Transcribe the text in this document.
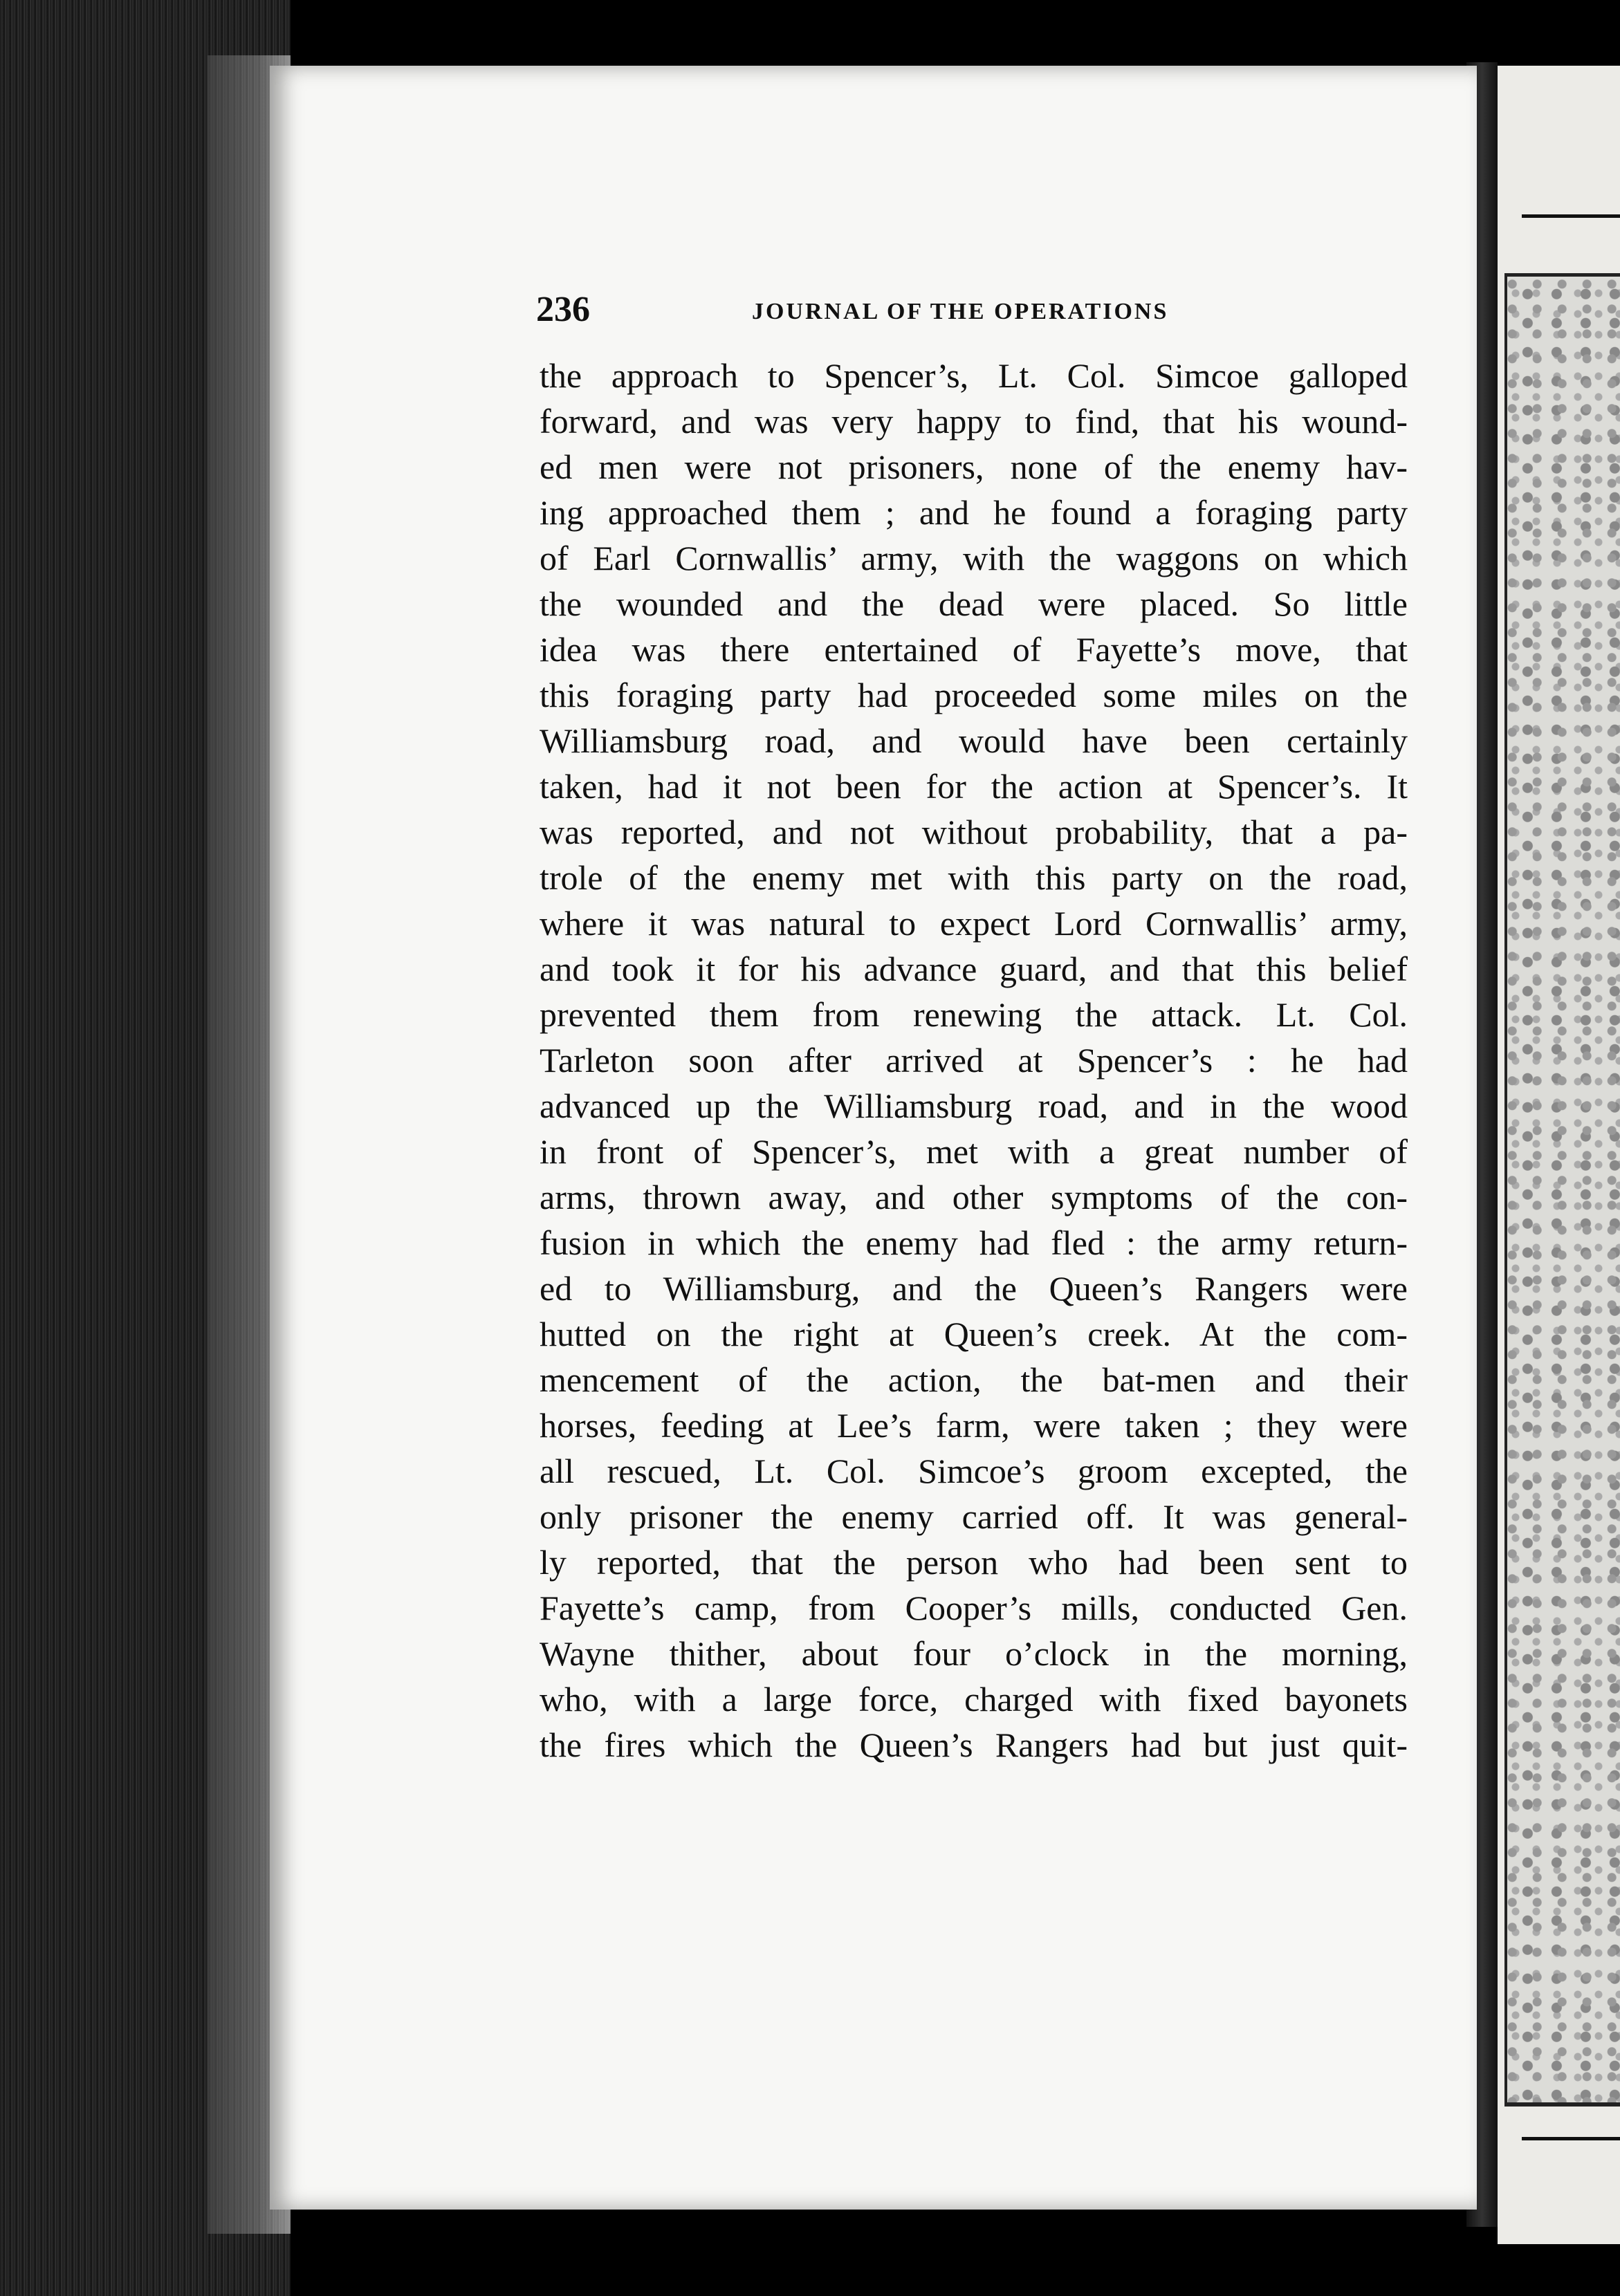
236	JOURNAL OF THE OPERATIONS
the approach to Spencer’s, Lt. Col. Simcoe galloped
forward, and was very happy to find, that his wound-
ed men were not prisoners, none of the enemy hav-
ing approached them ; and he found a foraging party
of Earl Cornwallis’ army, with the waggons on which
the wounded and the dead were placed. So little
idea was there entertained of Fayette’s move, that
this foraging party had proceeded some miles on the
Williamsburg road, and would have been certainly
taken, had it not been for the action at Spencer’s. It
was reported, and not without probability, that a pa-
trole of the enemy met with this party on the road,
where it was natural to expect Lord Cornwallis’ army,
and took it for his advance guard, and that this belief
prevented them from renewing the attack. Lt. Col.
Tarleton soon after arrived at Spencer’s : he had
advanced up the Williamsburg road, and in the wood
in front of Spencer’s, met with a great number of
arms, thrown away, and other symptoms of the con-
fusion in which the enemy had fled : the army return-
ed to Williamsburg, and the Queen’s Rangers were
hutted on the right at Queen’s creek. At the com-
mencement of the action, the bat-men and their
horses, feeding at Lee’s farm, were taken ; they were
all rescued, Lt. Col. Simcoe’s groom excepted, the
only prisoner the enemy carried off. It was general-
ly reported, that the person who had been sent to
Fayette’s camp, from Cooper’s mills, conducted Gen.
Wayne thither, about four o’clock in the morning,
who, with a large force, charged with fixed bayonets
the fires which the Queen’s Rangers had but just quit-
